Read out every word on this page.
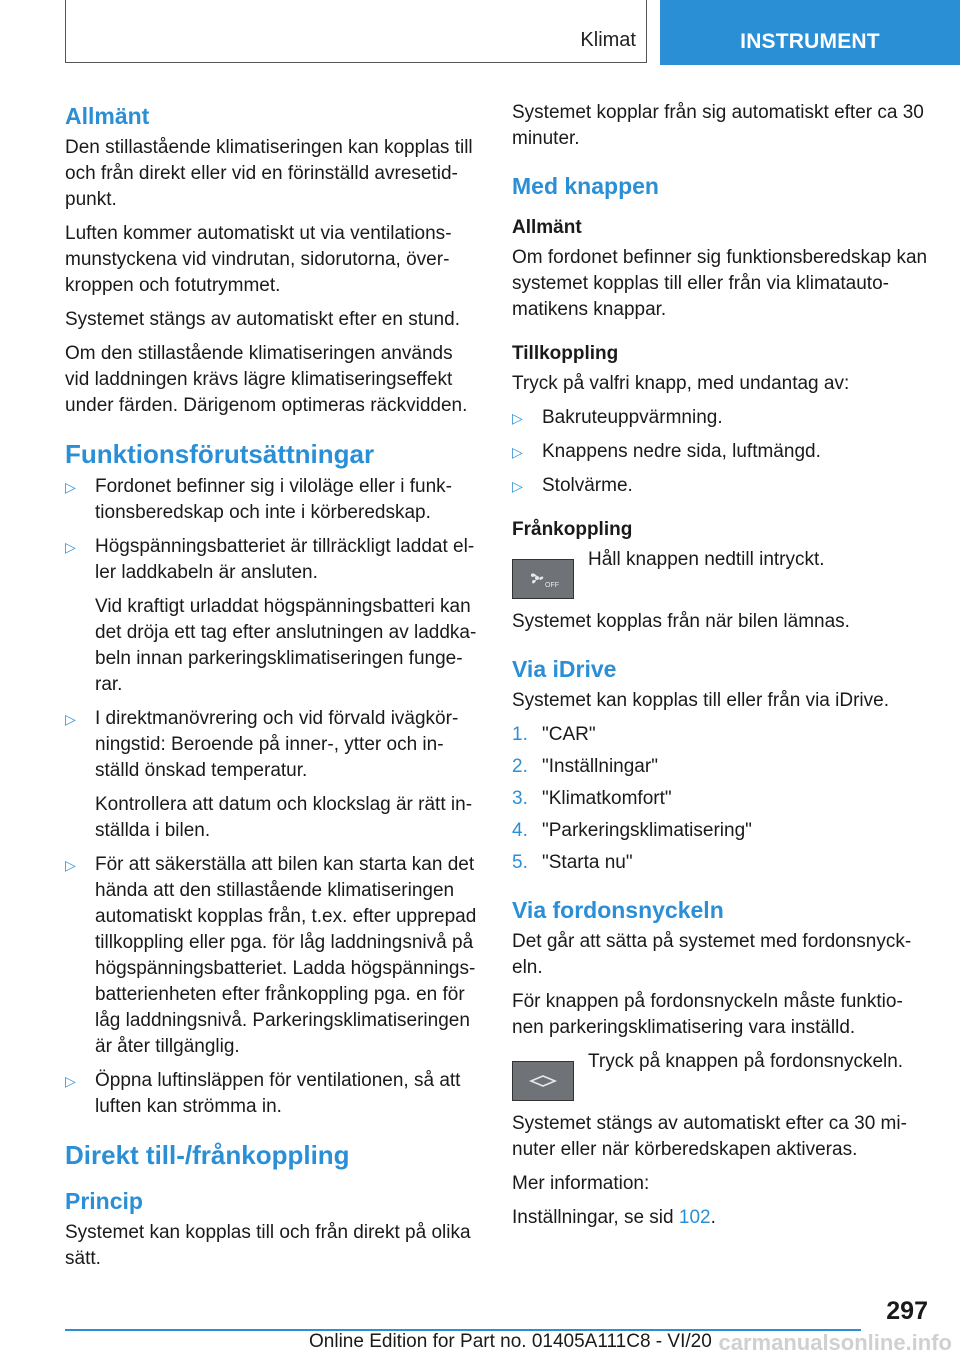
Klimat	INSTRUMENT
Allmänt

Den stillastående klimatiseringen kan kopplas till och från direkt eller vid en förinställd avresetidpunkt.

Luften kommer automatiskt ut via ventilationsmunstyckena vid vindrutan, sidorutorna, överkroppen och fotutrymmet.

Systemet stängs av automatiskt efter en stund.

Om den stillastående klimatiseringen används vid laddningen krävs lägre klimatiseringseffekt under färden. Därigenom optimeras räckvidden.

Funktionsförutsättningar
▷ Fordonet befinner sig i viloläge eller i funktionsberedskap och inte i körberedskap.

▷ Högspänningsbatteriet är tillräckligt laddat eller laddkabeln är ansluten.

Vid kraftigt urladdat högspänningsbatteri kan det dröja ett tag efter anslutningen av laddkabeln innan parkeringsklimatiseringen fungerar.

▷ I direktmanövrering och vid förvald ivägkörningstid: Beroende på inner-, ytter och inställd önskad temperatur.

Kontrollera att datum och klockslag är rätt inställda i bilen.

▷ För att säkerställa att bilen kan starta kan det hända att den stillastående klimatiseringen automatiskt kopplas från, t.ex. efter upprepad tillkoppling eller pga. för låg laddningsnivå på högspänningsbatteriet. Ladda högspänningsbatterienheten efter frånkoppling pga. en för låg laddningsnivå. Parkeringsklimatiseringen är åter tillgänglig.

▷ Öppna luftinsläppen för ventilationen, så att luften kan strömma in.

Direkt till-/frånkoppling
Princip

Systemet kan kopplas till och från direkt på olika sätt.

Systemet kopplar från sig automatiskt efter ca 30 minuter.

Med knappen
Allmänt

Om fordonet befinner sig funktionsberedskap kan systemet kopplas till eller från via klimatautomatikens knappar.

Tillkoppling

Tryck på valfri knapp, med undantag av:

▷ Bakruteuppvärmning.

▷ Knappens nedre sida, luftmängd.

▷ Stolvärme.

Frånkoppling
OFF

Håll knappen nedtill intryckt.

Systemet kopplas från när bilen lämnas.

Via iDrive

Systemet kan kopplas till eller från via iDrive.

1. "CAR"
2. "Inställningar"
3. "Klimatkomfort"
4. "Parkeringsklimatisering"
5. "Starta nu"
Via fordonsnyckeln

Det går att sätta på systemet med fordonsnyckeln.

För knappen på fordonsnyckeln måste funktionen parkeringsklimatisering vara inställd.

Tryck på knappen på fordonsnyckeln.

Systemet stängs av automatiskt efter ca 30 minuter eller när körberedskapen aktiveras.

Mer information:

Inställningar, se sid 102.

297
Online Edition for Part no. 01405A111C8 - VI/20 carmanualsonline.info
